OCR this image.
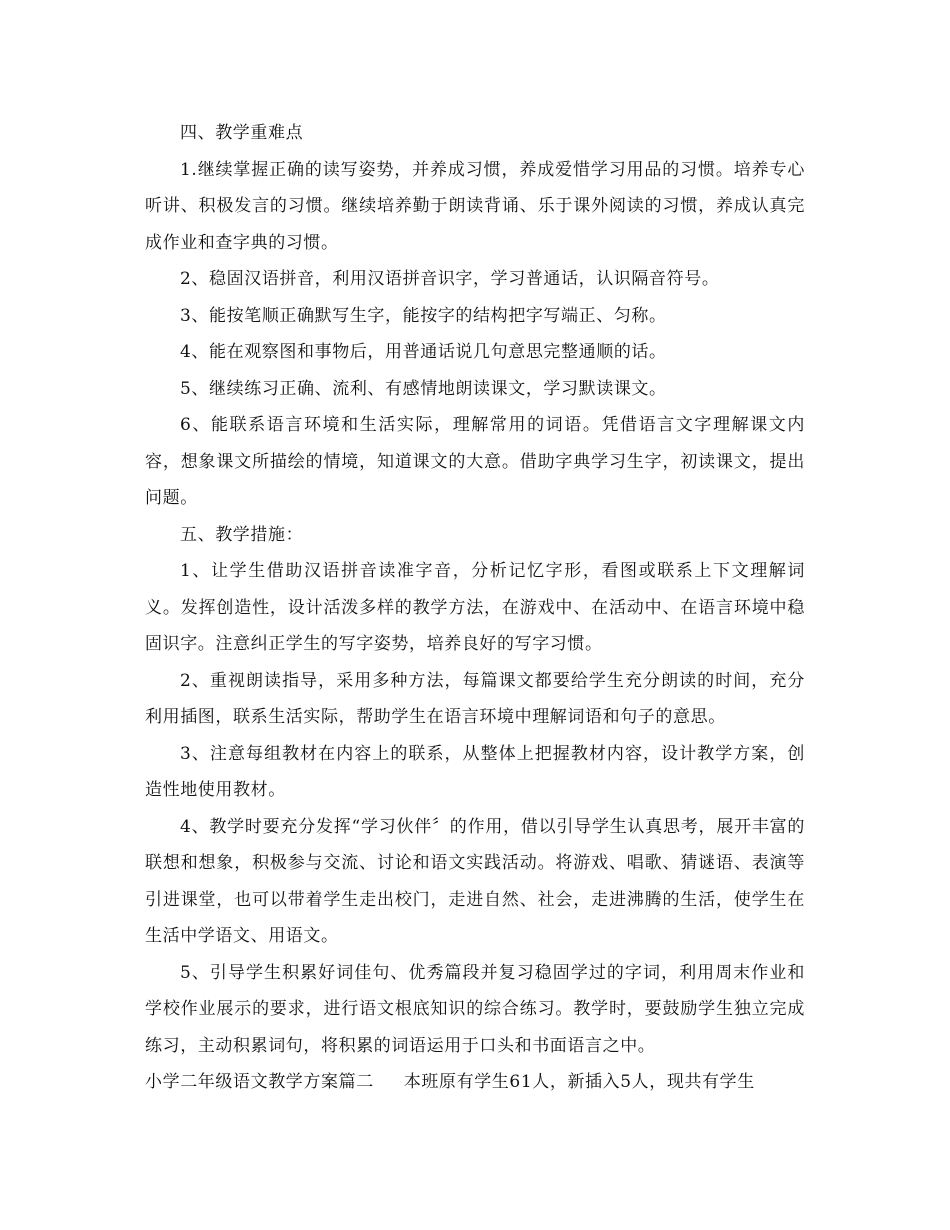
四、教学重难点

1.继续掌握正确的读写姿势，并养成习惯，养成爱惜学习用品的习惯。培养专心听讲、积极发言的习惯。继续培养勤于朗读背诵、乐于课外阅读的习惯，养成认真完成作业和查字典的习惯。

2、稳固汉语拼音，利用汉语拼音识字，学习普通话，认识隔音符号。

3、能按笔顺正确默写生字，能按字的结构把字写端正、匀称。

4、能在观察图和事物后，用普通话说几句意思完整通顺的话。

5、继续练习正确、流利、有感情地朗读课文，学习默读课文。

6、能联系语言环境和生活实际，理解常用的词语。凭借语言文字理解课文内容，想象课文所描绘的情境，知道课文的大意。借助字典学习生字，初读课文，提出问题。

五、教学措施：

1、让学生借助汉语拼音读准字音，分析记忆字形，看图或联系上下文理解词义。发挥创造性，设计活泼多样的教学方法，在游戏中、在活动中、在语言环境中稳固识字。注意纠正学生的写字姿势，培养良好的写字习惯。

2、重视朗读指导，采用多种方法，每篇课文都要给学生充分朗读的时间，充分利用插图，联系生活实际，帮助学生在语言环境中理解词语和句子的意思。

3、注意每组教材在内容上的联系，从整体上把握教材内容，设计教学方案，创造性地使用教材。

4、教学时要充分发挥“学习伙伴〞的作用，借以引导学生认真思考，展开丰富的联想和想象，积极参与交流、讨论和语文实践活动。将游戏、唱歌、猜谜语、表演等引进课堂，也可以带着学生走出校门，走进自然、社会，走进沸腾的生活，使学生在生活中学语文、用语文。

5、引导学生积累好词佳句、优秀篇段并复习稳固学过的字词，利用周末作业和学校作业展示的要求，进行语文根底知识的综合练习。教学时，要鼓励学生独立完成练习，主动积累词句，将积累的词语运用于口头和书面语言之中。

小学二年级语文教学方案篇二 本班原有学生61人，新插入5人，现共有学生
